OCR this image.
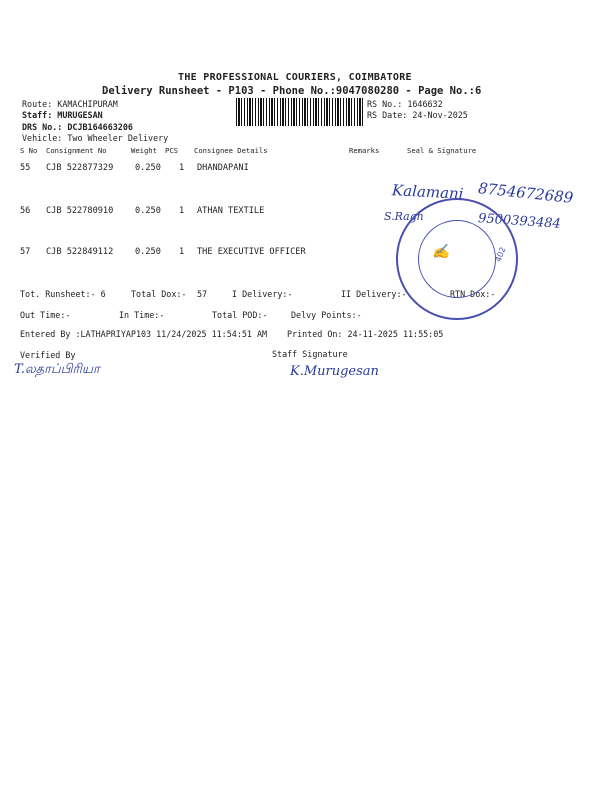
THE PROFESSIONAL COURIERS, COIMBATORE
Delivery Runsheet - P103 - Phone No.:9047080280 - Page No.:6
Route: KAMACHIPURAM
Staff: MURUGESAN
DRS No.: DCJB164663206
Vehicle: Two Wheeler Delivery
RS No.: 1646632
RS Date: 24-Nov-2025
S No Consignment No	Weight PCS Consignee Details	Remarks	Seal & Signature
55 CJB 522877329	0.250 1 DHANDAPANI
56 CJB 522780910	0.250 1 ATHAN TEXTILE
57 CJB 522849112	0.250 1 THE EXECUTIVE OFFICER
Tot. Runsheet:- 6	Total Dox:- 57	I Delivery:-	II Delivery:-	RTN Dox:-
Out Time:-	In Time:-	Total POD:-	Delvy Points:-
Entered By :LATHAPRIYAP103 11/24/2025 11:54:51 AM Printed On: 24-11-2025 11:55:05
Verified By	Staff Signature
Kalamani 8754672689
S.Ragh	9500393484
402
✍
T.லதாப்பிரியா	K.Murugesan
